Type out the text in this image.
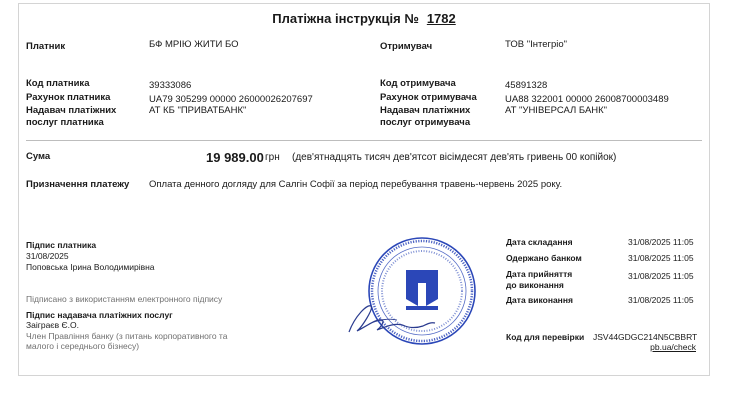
Платіжна інструкція № 1782
Платник	БФ МРІЮ ЖИТИ БО	Отримувач	ТОВ "Інтегріо"
Код платника	39333086
Рахунок платника	UA79 305299 00000 26000026207697
Надавач платіжних
послуг платника
АТ КБ "ПРИВАТБАНК"
Код отримувача	45891328
Рахунок отримувача	UA88 322001 00000 26008700003489
Надавач платіжних
послуг отримувача
АТ "УНІВЕРСАЛ БАНК"
Сума	19 989.00 грн (дев'ятнадцять тисяч дев'ятсот вісімдесят дев'ять гривень 00 копійок)
Призначення платежу Оплата денного догляду для Салгін Софії за період перебування травень-червень 2025 року.
Підпис платника
31/08/2025
Поповська Ірина Володимирівна
Підписано з використанням електронного підпису
Підпис надавача платіжних послуг
Заіграєв Є.О.
Член Правління банку (з питань корпоративного та
малого і середнього бізнесу)
Дата складання	31/08/2025 11:05
Одержано банком	31/08/2025 11:05
Дата прийняття
до виконання
31/08/2025 11:05
Дата виконання	31/08/2025 11:05
Код для перевірки JSV44GDGC214N5CBBRT
pb.ua/check
